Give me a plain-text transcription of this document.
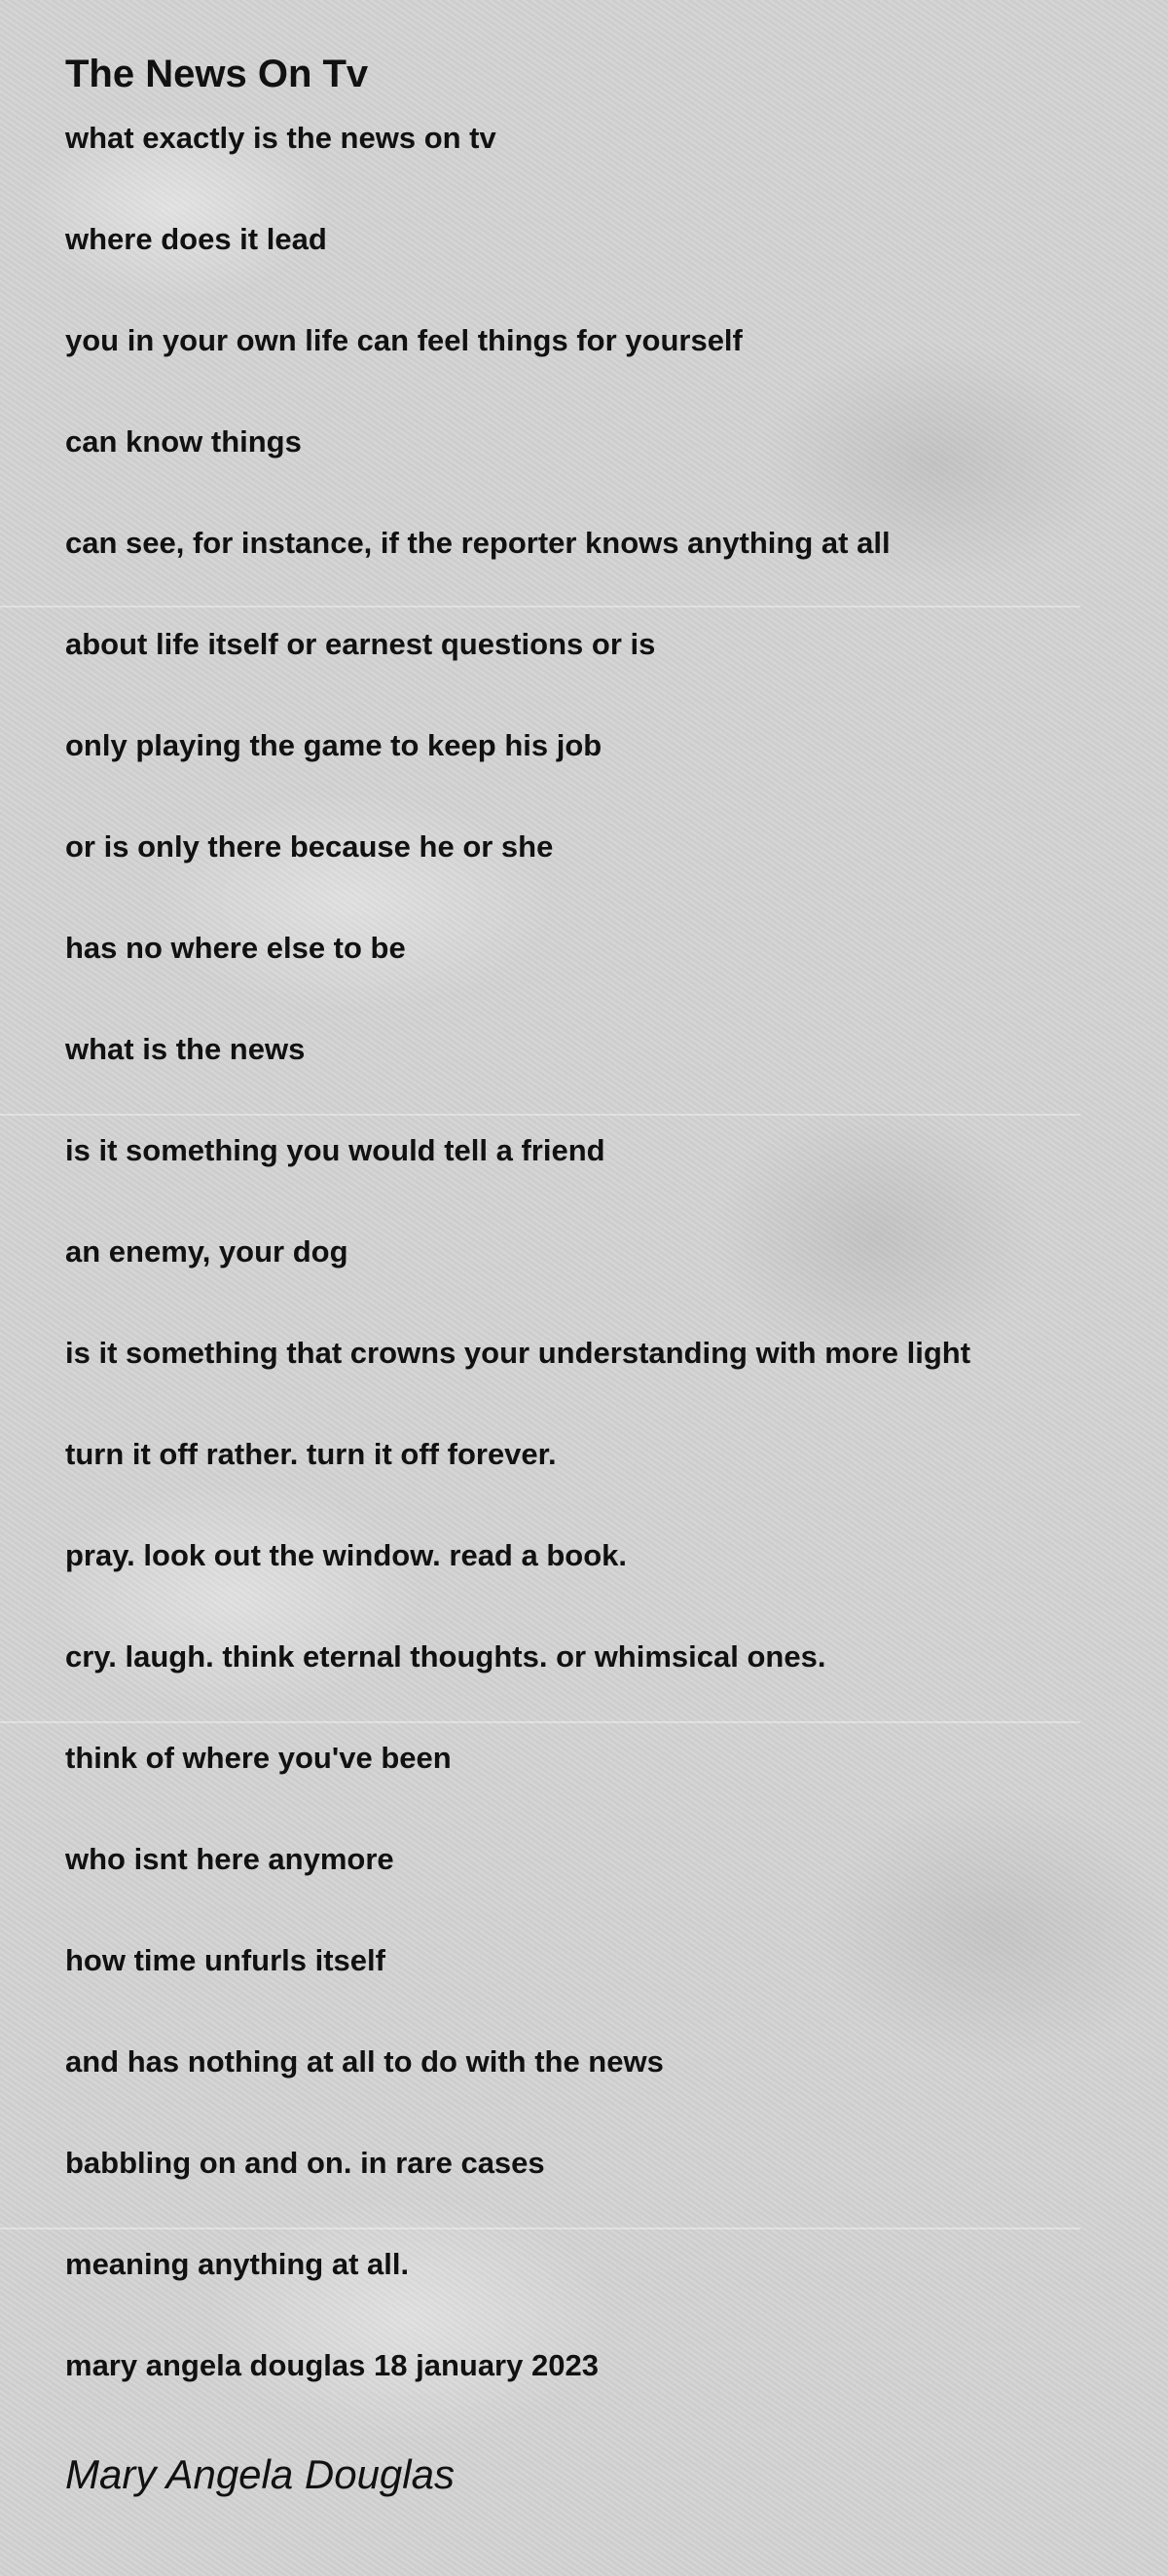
The News On Tv
what exactly is the news on tv
where does it lead
you in your own life can feel things for yourself
can know things
can see, for instance, if the reporter knows anything at all
about life itself or earnest questions or is
only playing the game to keep his job
or is only there because he or she
has no where else to be
what is the news
is it something you would tell a friend
an enemy, your dog
is it something that crowns your understanding with more light
turn it off rather. turn it off forever.
pray. look out the window. read a book.
cry. laugh. think eternal thoughts. or whimsical ones.
think of where you've been
who isnt here anymore
how time unfurls itself
and has nothing at all to do with the news
babbling on and on. in rare cases
meaning anything at all.
mary angela douglas 18 january 2023
Mary Angela Douglas
